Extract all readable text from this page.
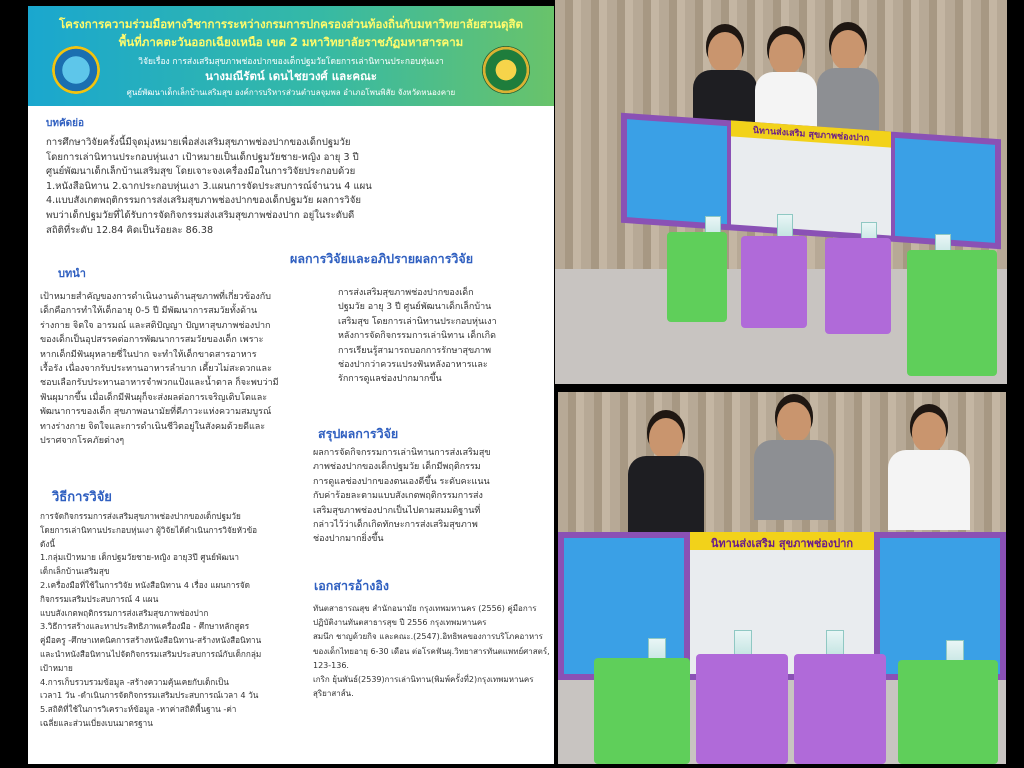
โครงการความร่วมมือทางวิชาการระหว่างกรมการปกครองส่วนท้องถิ่นกับมหาวิทยาลัยสวนดุสิต
พื้นที่ภาคตะวันออกเฉียงเหนือ เขต 2 มหาวิทยาลัยราชภัฏมหาสารคาม
วิจัยเรื่อง การส่งเสริมสุขภาพช่องปากของเด็กปฐมวัยโดยการเล่านิทานประกอบหุ่นเงา
นางมณีรัตน์ เดนไชยวงศ์ และคณะ
ศูนย์พัฒนาเด็กเล็กบ้านเสริมสุข องค์การบริหารส่วนตำบลจุมพล อำเภอโพนพิสัย จังหวัดหนองคาย
บทคัดย่อ
การศึกษาวิจัยครั้งนี้มีจุดมุ่งหมายเพื่อส่งเสริมสุขภาพช่องปากของเด็กปฐมวัย
โดยการเล่านิทานประกอบหุ่นเงา เป้าหมายเป็นเด็กปฐมวัยชาย-หญิง อายุ 3 ปี
ศูนย์พัฒนาเด็กเล็กบ้านเสริมสุข โดยเจาะจงเครื่องมือในการวิจัยประกอบด้วย
1.หนังสือนิทาน 2.ฉากประกอบหุ่นเงา 3.แผนการจัดประสบการณ์จำนวน 4 แผน
4.แบบสังเกตพฤติกรรมการส่งเสริมสุขภาพช่องปากของเด็กปฐมวัย ผลการวิจัย
พบว่าเด็กปฐมวัยที่ได้รับการจัดกิจกรรมส่งเสริมสุขภาพช่องปาก อยู่ในระดับดี
สถิติที่ระดับ 12.84 คิดเป็นร้อยละ 86.38
บทนำ
เป้าหมายสำคัญของการดำเนินงานด้านสุขภาพที่เกี่ยวข้องกับ
เด็กคือการทำให้เด็กอายุ 0-5 ปี มีพัฒนาการสมวัยทั้งด้าน
ร่างกาย จิตใจ อารมณ์ และสติปัญญา ปัญหาสุขภาพช่องปาก
ของเด็กเป็นอุปสรรคต่อการพัฒนาการสมวัยของเด็ก เพราะ
หากเด็กมีฟันผุหลายซี่ในปาก จะทำให้เด็กขาดสารอาหาร
เรื้อรัง เนื่องจากรับประทานอาหารลำบาก เคี้ยวไม่สะดวกและ
ชอบเลือกรับประทานอาหารจำพวกแป้งและน้ำตาล ก็จะพบว่ามี
ฟันผุมากขึ้น เมื่อเด็กมีฟันผุก็จะส่งผลต่อการเจริญเติบโตและ
พัฒนาการของเด็ก สุขภาพอนามัยที่ดีภาวะแห่งความสมบูรณ์
ทางร่างกาย จิตใจและการดำเนินชีวิตอยู่ในสังคมด้วยดีและ
ปราศจากโรคภัยต่างๆ
ผลการวิจัยและอภิปรายผลการวิจัย
การส่งเสริมสุขภาพช่องปากของเด็ก
ปฐมวัย อายุ 3 ปี ศูนย์พัฒนาเด็กเล็กบ้าน
เสริมสุข โดยการเล่านิทานประกอบหุ่นเงา
หลังการจัดกิจกรรมการเล่านิทาน เด็กเกิด
การเรียนรู้สามารถบอกการรักษาสุขภาพ
ช่องปากว่าควรแปรงฟันหลังอาหารและ
รักการดูแลช่องปากมากขึ้น
วิธีการวิจัย
การจัดกิจกรรมการส่งเสริมสุขภาพช่องปากของเด็กปฐมวัย
โดยการเล่านิทานประกอบหุ่นเงา ผู้วิจัยได้ดำเนินการวิจัยหัวข้อ
ดังนี้
1.กลุ่มเป้าหมาย เด็กปฐมวัยชาย-หญิง อายุ3ปี ศูนย์พัฒนา
เด็กเล็กบ้านเสริมสุข
2.เครื่องมือที่ใช้ในการวิจัย หนังสือนิทาน 4 เรื่อง แผนการจัด
กิจกรรมเสริมประสบการณ์ 4 แผน
แบบสังเกตพฤติกรรมการส่งเสริมสุขภาพช่องปาก
3.วิธีการสร้างและหาประสิทธิภาพเครื่องมือ - ศึกษาหลักสูตร
คู่มือครู -ศึกษาเทคนิคการสร้างหนังสือนิทาน-สร้างหนังสือนิทาน
และนำหนังสือนิทานไปจัดกิจกรรมเสริมประสบการณ์กับเด็กกลุ่ม
เป้าหมาย
4.การเก็บรวบรวมข้อมูล -สร้างความคุ้นเคยกับเด็กเป็น
เวลา1 วัน -ดำเนินการจัดกิจกรรมเสริมประสบการณ์เวลา 4 วัน
5.สถิติที่ใช้ในการวิเคราะห์ข้อมูล -หาค่าสถิติพื้นฐาน -ค่า
เฉลี่ยและส่วนเบี่ยงเบนมาตรฐาน
สรุปผลการวิจัย
ผลการจัดกิจกรรมการเล่านิทานการส่งเสริมสุข
ภาพช่องปากของเด็กปฐมวัย เด็กมีพฤติกรรม
การดูแลช่องปากของตนเองดีขึ้น ระดับคะแนน
กับค่าร้อยละตามแบบสังเกตพฤติกรรมการส่ง
เสริมสุขภาพช่องปากเป็นไปตามสมมติฐานที่
กล่าวไว้ว่าเด็กเกิดทักษะการส่งเสริมสุขภาพ
ช่องปากมากยิ่งขึ้น
เอกสารอ้างอิง
ทันตสาธารณสุข สำนักอนามัย กรุงเทพมหานคร (2556) คู่มือการ
ปฏิบัติงานทันตสาธารสุข ปี 2556 กรุงเทพมหานคร
สมนึก ชาญด้วยกิจ และคณะ.(2547).อิทธิพลของการบริโภคอาหาร
ของเด็กไทยอายุ 6-30 เดือน ต่อโรคฟันผุ.วิทยาสารทันตแพทย์ศาสตร์,
123-136.
เกริก ยุ้นพันธ์(2539)การเล่านิทาน(พิมพ์ครั้งที่2)กรุงเทพมหานคร
สุริยาสาส์น.
นิทานส่งเสริม สุขภาพช่องปาก
นิทานส่งเสริม สุขภาพช่องปาก
